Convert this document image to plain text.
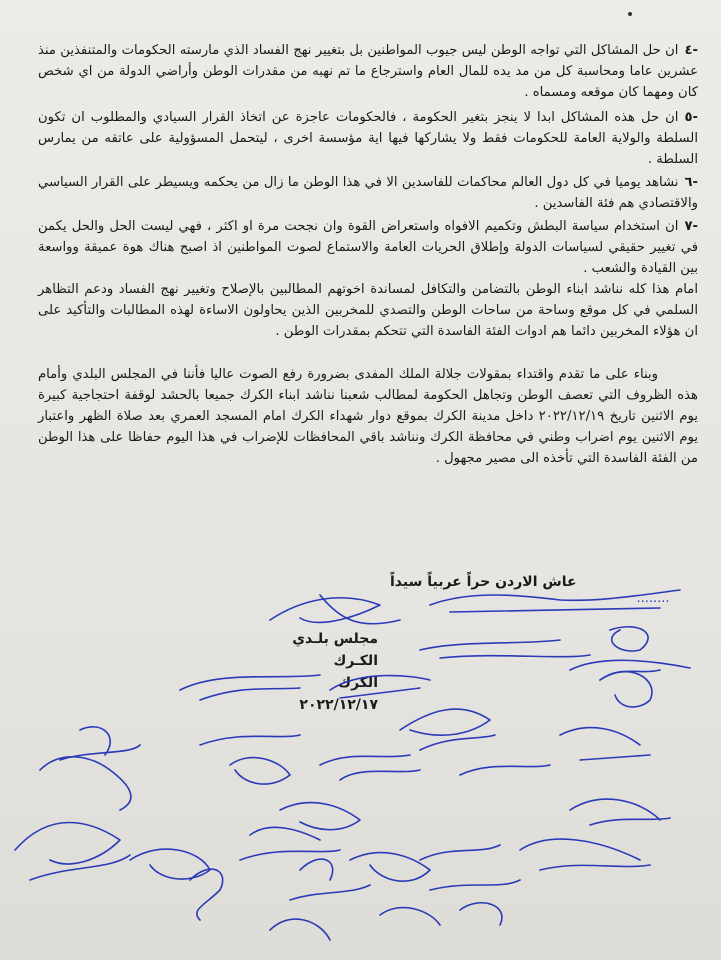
-٤ان حل المشاكل التي تواجه الوطن ليس جيوب المواطنين بل بتغيير نهج الفساد الذي مارسته الحكومات والمتنفذين منذ عشرين عاما ومحاسبة كل من مد يده للمال العام واسترجاع ما تم نهبه من مقدرات الوطن وأراضي الدولة من اي شخص كان ومهما كان موقعه ومسماه .

-٥ان حل هذه المشاكل ابدا لا ينجز بتغير الحكومة ، فالحكومات عاجزة عن اتخاذ القرار السيادي والمطلوب ان تكون السلطة والولاية العامة للحكومات فقط ولا يشاركها فيها اية مؤسسة اخرى ، ليتحمل المسؤولية على عاتقه من يمارس السلطة .

-٦نشاهد يوميا في كل دول العالم محاكمات للفاسدين الا في هذا الوطن ما زال من يحكمه ويسيطر على القرار السياسي والاقتصادي هم فئة الفاسدين .

-٧ان استخدام سياسة البطش وتكميم الافواه واستعراض القوة وان نجحت مرة او اكثر ، فهي ليست الحل والحل يكمن في تغيير حقيقي لسياسات الدولة وإطلاق الحريات العامة والاستماع لصوت المواطنين اذ اصبح هناك هوة عميقة وواسعة بين القيادة والشعب .

امام هذا كله نناشد ابناء الوطن بالتضامن والتكافل لمساندة اخوتهم المطالبين بالإصلاح وتغيير نهج الفساد ودعم التظاهر السلمي في كل موقع وساحة من ساحات الوطن والتصدي للمخربين الذين يحاولون الاساءة لهذه المطالبات والتأكيد على ان هؤلاء المخربين دائما هم ادوات الفئة الفاسدة التي تتحكم بمقدرات الوطن .

وبناء على ما تقدم واقتداء بمقولات جلالة الملك المفدى بضرورة رفع الصوت عاليا فأننا في المجلس البلدي وأمام هذه الظروف التي تعصف الوطن وتجاهل الحكومة لمطالب شعبنا نناشد ابناء الكرك جميعا بالحشد لوقفة احتجاجية كبيرة يوم الاثنين تاريخ ٢٠٢٢/١٢/١٩ داخل مدينة الكرك بموقع دوار شهداء الكرك امام المسجد العمري بعد صلاة الظهر واعتبار يوم الاثنين يوم اضراب وطني في محافظة الكرك ونناشد باقي المحافظات للإضراب في هذا اليوم حفاظا على هذا الوطن من الفئة الفاسدة التي تأخذه الى مصير مجهول .

عاش الاردن حراً عربياً سيداً
مجلس بلـدي الكـرك
الكرك ٢٠٢٢/١٢/١٧
........
